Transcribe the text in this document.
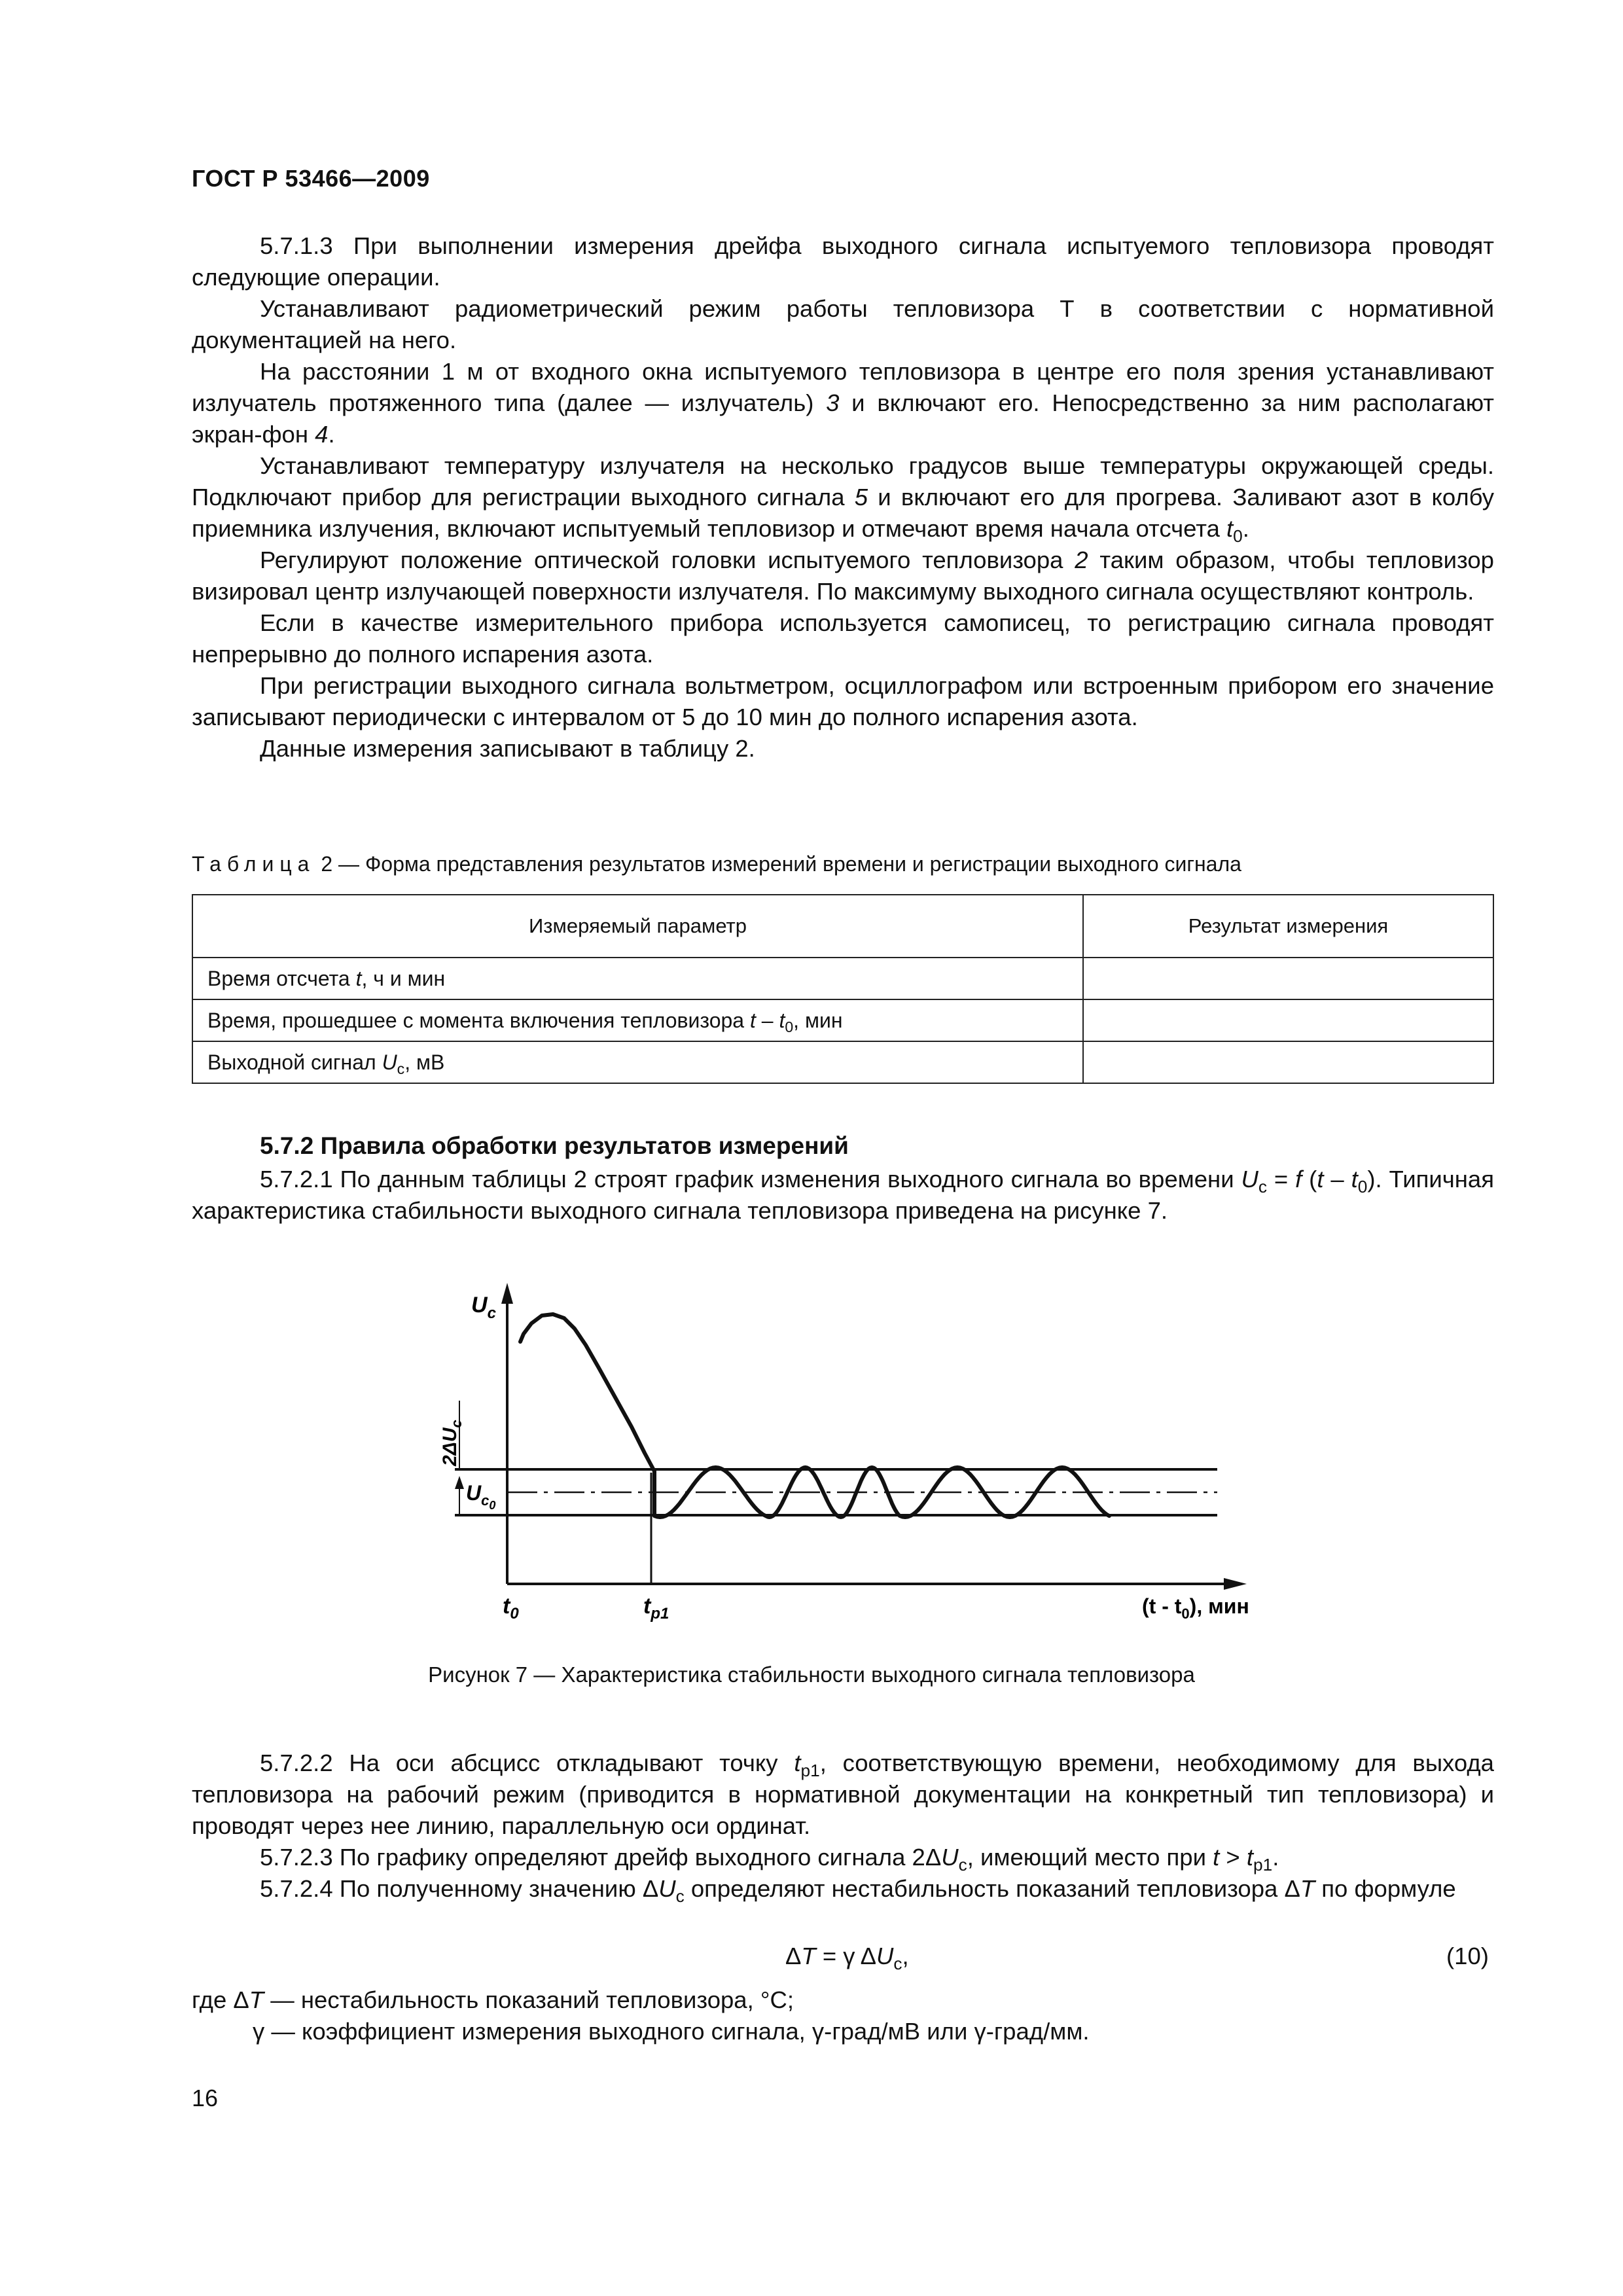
ГОСТ Р 53466—2009

5.7.1.3 При выполнении измерения дрейфа выходного сигнала испытуемого тепловизора проводят следующие операции.

Устанавливают радиометрический режим работы тепловизора Т в соответствии с нормативной документацией на него.

На расстоянии 1 м от входного окна испытуемого тепловизора в центре его поля зрения устанавливают излучатель протяженного типа (далее — излучатель) 3 и включают его. Непосредственно за ним располагают экран-фон 4.

Устанавливают температуру излучателя на несколько градусов выше температуры окружающей среды. Подключают прибор для регистрации выходного сигнала 5 и включают его для прогрева. Заливают азот в колбу приемника излучения, включают испытуемый тепловизор и отмечают время начала отсчета $t_0$.

Регулируют положение оптической головки испытуемого тепловизора 2 таким образом, чтобы тепловизор визировал центр излучающей поверхности излучателя. По максимуму выходного сигнала осуществляют контроль.

Если в качестве измерительного прибора используется самописец, то регистрацию сигнала проводят непрерывно до полного испарения азота.

При регистрации выходного сигнала вольтметром, осциллографом или встроенным прибором его значение записывают периодически с интервалом от 5 до 10 мин до полного испарения азота.

Данные измерения записывают в таблицу 2.

Таблица 2 — Форма представления результатов измерений времени и регистрации выходного сигнала
Измеряемый параметр	Результат измерения
Время отсчета t, ч и мин	
Время, прошедшее с момента включения тепловизора t – $t_0$, мин	
Выходной сигнал $U_c$, мВ	
5.7.2 Правила обработки результатов измерений

5.7.2.1 По данным таблицы 2 строят график изменения выходного сигнала во времени $U_c = f$ $(t - t_0)$. Типичная характеристика стабильности выходного сигнала тепловизора приведена на рисунке 7.

$U_c$
$2\Delta U_c$
$U_c0$
$t_0$	$t_{p1}$	$(t - t_0)$, мин
Рисунок 7 — Характеристика стабильности выходного сигнала тепловизора

5.7.2.2 На оси абсцисс откладывают точку $t_{p1}$, соответствующую времени, необходимому для выхода тепловизора на рабочий режим (приводится в нормативной документации на конкретный тип тепловизора) и проводят через нее линию, параллельную оси ординат.

5.7.2.3 По графику определяют дрейф выходного сигнала $2\Delta U_c$, имеющий место при $t > t_{p1}$.

5.7.2.4 По полученному значению $\Delta U_c$ определяют нестабильность показаний тепловизора ΔT по формуле

ΔT = γ $\Delta U_c$,	(10)
где ΔT — нестабильность показаний тепловизора, °С;
γ — коэффициент измерения выходного сигнала, γ-град/мВ или γ-град/мм.
16
